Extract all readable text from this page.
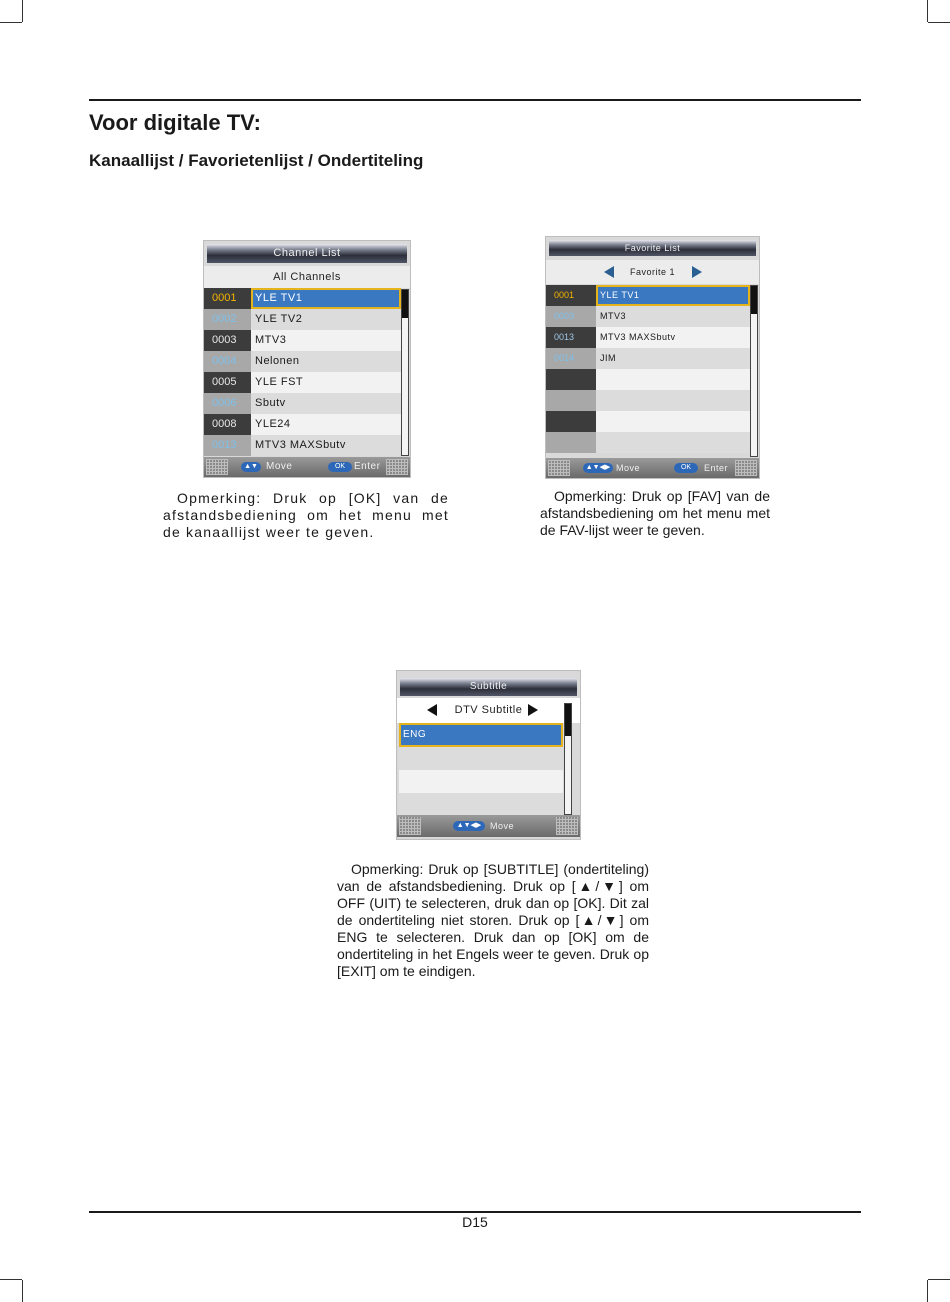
Voor digitale TV:
Kanaallijst / Favorietenlijst / Ondertiteling
Channel List
All Channels
0001	YLE TV1
0002	YLE TV2
0003	MTV3
0004	Nelonen
0005	YLE FST
0006	Sbutv
0008	YLE24
0013	MTV3 MAXSbutv
▲▼ Move	OK Enter
Opmerking: Druk op [OK] van de afstandsbediening om het menu met de kanaallijst weer te geven.
Favorite List
Favorite 1
0001	YLE TV1
0003	MTV3
0013	MTV3 MAXSbutv
0014	JIM
▲▼◀▶ Move	OK	Enter
Opmerking: Druk op [FAV] van de afstandsbediening om het menu met de FAV-lijst weer te geven.
Subtitle
DTV Subtitle
ENG
▲▼◀▶ Move
Opmerking: Druk op [SUBTITLE] (ondertiteling) van de afstandsbediening. Druk op [▲/▼] om OFF (UIT) te selecteren, druk dan op [OK]. Dit zal de ondertiteling niet storen. Druk op [▲/▼] om ENG te selecteren. Druk dan op [OK] om de ondertiteling in het Engels weer te geven. Druk op [EXIT] om te eindigen.
D15
